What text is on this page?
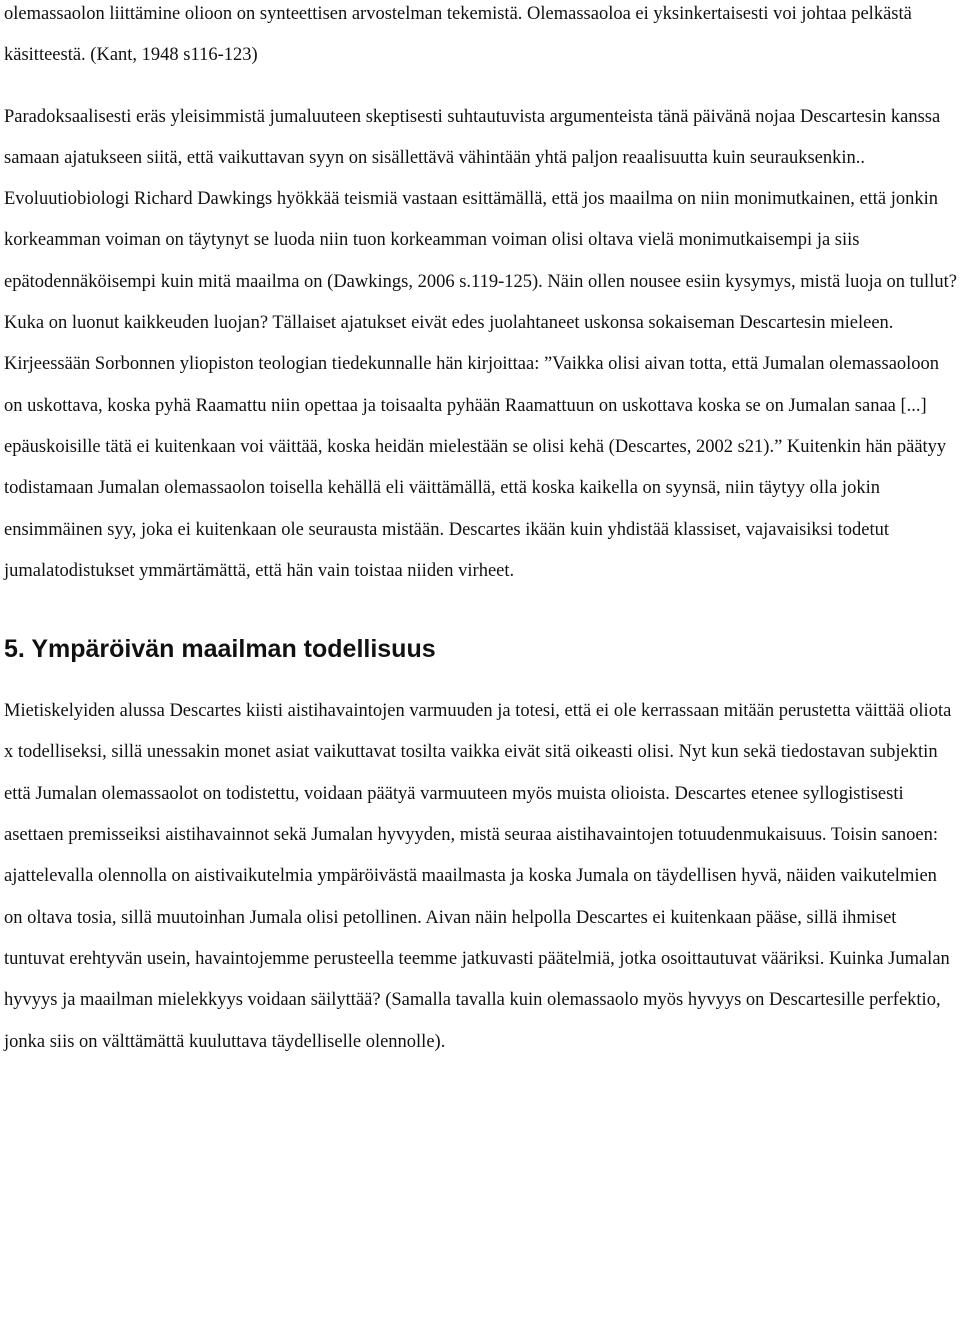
olemassaolon liittämine olioon on synteettisen arvostelman tekemistä. Olemassaoloa ei yksinkertaisesti voi johtaa pelkästä käsitteestä. (Kant, 1948 s116-123)

Paradoksaalisesti eräs yleisimmistä jumaluuteen skeptisesti suhtautuvista argumenteista tänä päivänä nojaa Descartesin kanssa samaan ajatukseen siitä, että vaikuttavan syyn on sisällettävä vähintään yhtä paljon reaalisuutta kuin seurauksenkin.. Evoluutiobiologi Richard Dawkings hyökkää teismiä vastaan esittämällä, että jos maailma on niin monimutkainen, että jonkin korkeamman voiman on täytynyt se luoda niin tuon korkeamman voiman olisi oltava vielä monimutkaisempi ja siis epätodennäköisempi kuin mitä maailma on (Dawkings, 2006 s.119-125). Näin ollen nousee esiin kysymys, mistä luoja on tullut? Kuka on luonut kaikkeuden luojan? Tällaiset ajatukset eivät edes juolahtaneet uskonsa sokaiseman Descartesin mieleen. Kirjeessään Sorbonnen yliopiston teologian tiedekunnalle hän kirjoittaa: ”Vaikka olisi aivan totta, että Jumalan olemassaoloon on uskottava, koska pyhä Raamattu niin opettaa ja toisaalta pyhään Raamattuun on uskottava koska se on Jumalan sanaa [...] epäuskoisille tätä ei kuitenkaan voi väittää, koska heidän mielestään se olisi kehä (Descartes, 2002 s21).” Kuitenkin hän päätyy todistamaan Jumalan olemassaolon toisella kehällä eli väittämällä, että koska kaikella on syynsä, niin täytyy olla jokin ensimmäinen syy, joka ei kuitenkaan ole seurausta mistään. Descartes ikään kuin yhdistää klassiset, vajavaisiksi todetut jumalatodistukset ymmärtämättä, että hän vain toistaa niiden virheet.

5. Ympäröivän maailman todellisuus

Mietiskelyiden alussa Descartes kiisti aistihavaintojen varmuuden ja totesi, että ei ole kerrassaan mitään perustetta väittää oliota x todelliseksi, sillä unessakin monet asiat vaikuttavat tosilta vaikka eivät sitä oikeasti olisi. Nyt kun sekä tiedostavan subjektin että Jumalan olemassaolot on todistettu, voidaan päätyä varmuuteen myös muista olioista. Descartes etenee syllogistisesti asettaen premisseiksi aistihavainnot sekä Jumalan hyvyyden, mistä seuraa aistihavaintojen totuudenmukaisuus. Toisin sanoen: ajattelevalla olennolla on aistivaikutelmia ympäröivästä maailmasta ja koska Jumala on täydellisen hyvä, näiden vaikutelmien on oltava tosia, sillä muutoinhan Jumala olisi petollinen. Aivan näin helpolla Descartes ei kuitenkaan pääse, sillä ihmiset tuntuvat erehtyvän usein, havaintojemme perusteella teemme jatkuvasti päätelmiä, jotka osoittautuvat vääriksi. Kuinka Jumalan hyvyys ja maailman mielekkyys voidaan säilyttää? (Samalla tavalla kuin olemassaolo myös hyvyys on Descartesille perfektio, jonka siis on välttämättä kuuluttava täydelliselle olennolle).
